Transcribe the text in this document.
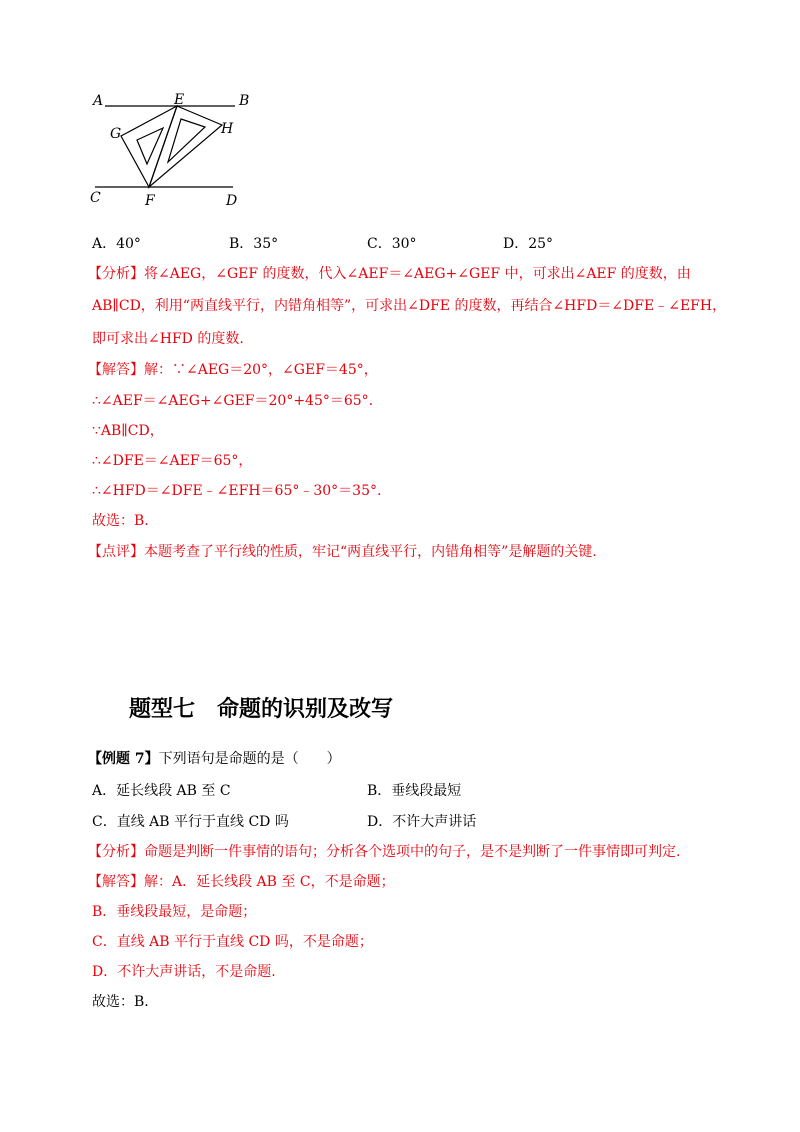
A	B
E
G	H
C	F	D
A．40°	B．35°	C．30°	D．25°
【分析】将∠AEG，∠GEF 的度数，代入∠AEF＝∠AEG+∠GEF 中，可求出∠AEF 的度数，由
AB∥CD，利用“两直线平行，内错角相等”，可求出∠DFE 的度数，再结合∠HFD＝∠DFE﹣∠EFH，
即可求出∠HFD 的度数.
【解答】解：∵∠AEG＝20°，∠GEF＝45°，
∴∠AEF＝∠AEG+∠GEF＝20°+45°＝65°.
∵AB∥CD，
∴∠DFE＝∠AEF＝65°，
∴∠HFD＝∠DFE﹣∠EFH＝65°﹣30°＝35°.
故选：B.
【点评】本题考查了平行线的性质，牢记“两直线平行，内错角相等”是解题的关键.
题型七　命题的识别及改写
【例题 7】下列语句是命题的是（　　）
A．延长线段 AB 至 C	B．垂线段最短
C．直线 AB 平行于直线 CD 吗	D．不许大声讲话
【分析】命题是判断一件事情的语句；分析各个选项中的句子，是不是判断了一件事情即可判定.
【解答】解：A．延长线段 AB 至 C，不是命题；
B．垂线段最短，是命题；
C．直线 AB 平行于直线 CD 吗，不是命题；
D．不许大声讲话，不是命题.
故选：B.
